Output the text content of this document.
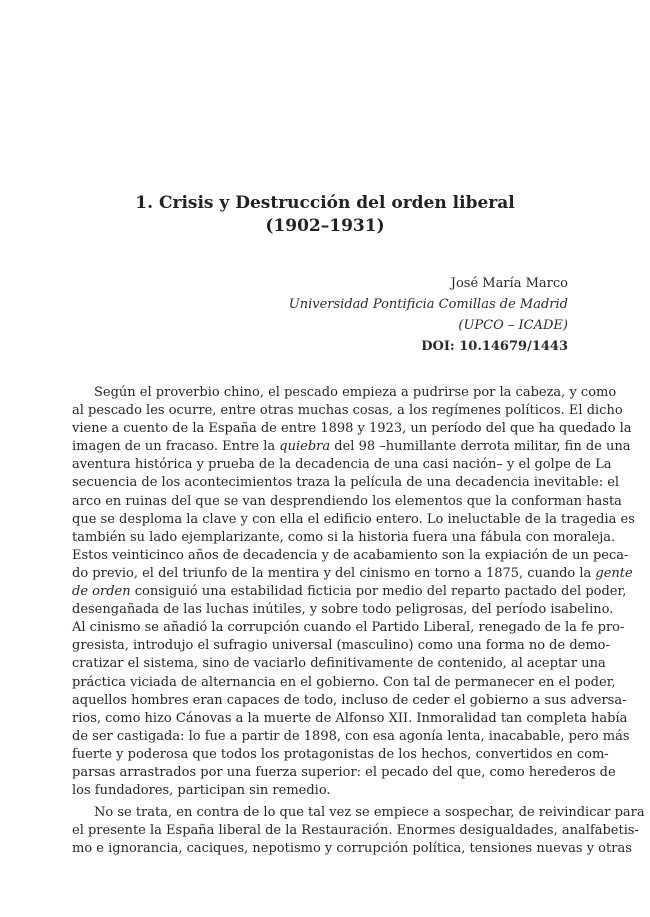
1. Crisis y Destrucción del orden liberal
(1902–1931)
José María Marco
Universidad Pontificia Comillas de Madrid
(UPCO – ICADE)
DOI: 10.14679/1443
Según el proverbio chino, el pescado empieza a pudrirse por la cabeza, y como
al pescado les ocurre, entre otras muchas cosas, a los regímenes políticos. El dicho
viene a cuento de la España de entre 1898 y 1923, un período del que ha quedado la
imagen de un fracaso. Entre la quiebra del 98 –humillante derrota militar, fin de una
aventura histórica y prueba de la decadencia de una casi nación– y el golpe de La
secuencia de los acontecimientos traza la película de una decadencia inevitable: el
arco en ruinas del que se van desprendiendo los elementos que la conforman hasta
que se desploma la clave y con ella el edificio entero. Lo ineluctable de la tragedia es
también su lado ejemplarizante, como si la historia fuera una fábula con moraleja.
Estos veinticinco años de decadencia y de acabamiento son la expiación de un peca-
do previo, el del triunfo de la mentira y del cinismo en torno a 1875, cuando la gente
de orden consiguió una estabilidad ficticia por medio del reparto pactado del poder,
desengañada de las luchas inútiles, y sobre todo peligrosas, del período isabelino.
Al cinismo se añadió la corrupción cuando el Partido Liberal, renegado de la fe pro-
gresista, introdujo el sufragio universal (masculino) como una forma no de demo-
cratizar el sistema, sino de vaciarlo definitivamente de contenido, al aceptar una
práctica viciada de alternancia en el gobierno. Con tal de permanecer en el poder,
aquellos hombres eran capaces de todo, incluso de ceder el gobierno a sus adversa-
rios, como hizo Cánovas a la muerte de Alfonso XII. Inmoralidad tan completa había
de ser castigada: lo fue a partir de 1898, con esa agonía lenta, inacabable, pero más
fuerte y poderosa que todos los protagonistas de los hechos, convertidos en com-
parsas arrastrados por una fuerza superior: el pecado del que, como herederos de
los fundadores, participan sin remedio.
No se trata, en contra de lo que tal vez se empiece a sospechar, de reivindicar para
el presente la España liberal de la Restauración. Enormes desigualdades, analfabetis-
mo e ignorancia, caciques, nepotismo y corrupción política, tensiones nuevas y otras
